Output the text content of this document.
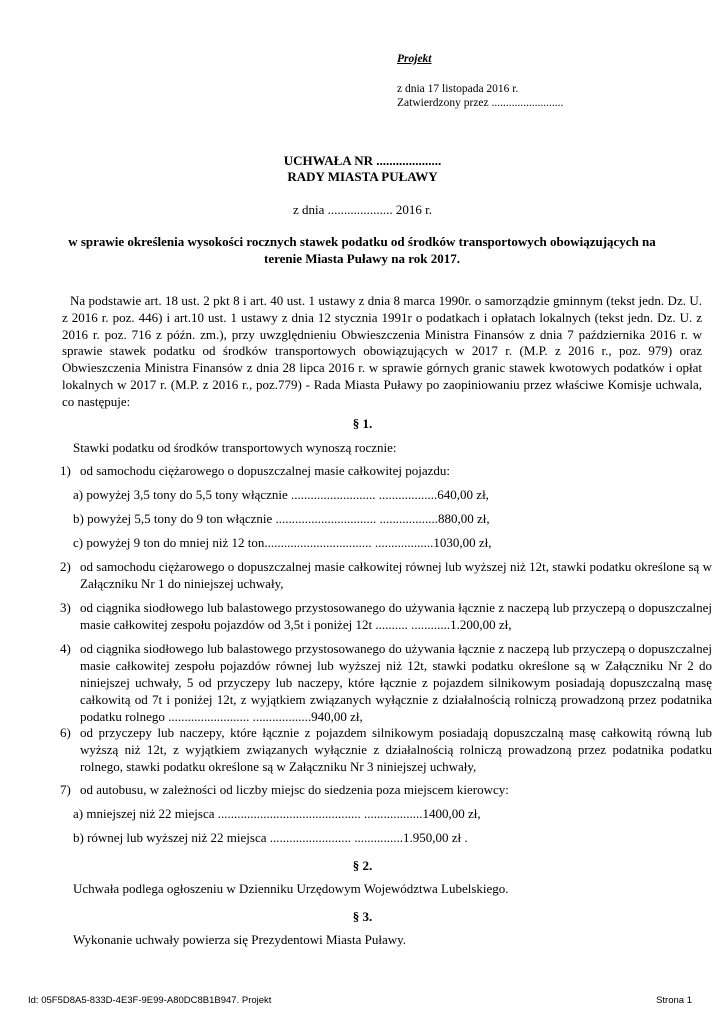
Projekt
z dnia 17 listopada 2016 r.
Zatwierdzony przez .........................
UCHWAŁA NR ....................
RADY MIASTA PUŁAWY
z dnia .................... 2016 r.
w sprawie określenia wysokości rocznych stawek podatku od środków transportowych obowiązujących na terenie Miasta Puławy na rok 2017.
Na podstawie art. 18 ust. 2 pkt 8 i art. 40 ust. 1 ustawy z dnia 8 marca 1990r. o samorządzie gminnym (tekst jedn. Dz. U. z 2016 r. poz. 446) i art.10 ust. 1 ustawy z dnia 12 stycznia 1991r o podatkach i opłatach lokalnych (tekst jedn. Dz. U. z 2016 r. poz. 716 z późn. zm.), przy uwzględnieniu Obwieszczenia Ministra Finansów z dnia 7 października 2016 r. w sprawie stawek podatku od środków transportowych obowiązujących w 2017 r. (M.P. z 2016 r., poz. 979) oraz Obwieszczenia Ministra Finansów z dnia 28 lipca 2016 r. w sprawie górnych granic stawek kwotowych podatków i opłat lokalnych w 2017 r. (M.P. z 2016 r., poz.779) - Rada Miasta Puławy po zaopiniowaniu przez właściwe Komisje uchwala, co następuje:
§ 1.
Stawki podatku od środków transportowych wynoszą rocznie:
1) od samochodu ciężarowego o dopuszczalnej masie całkowitej pojazdu:
a) powyżej 3,5 tony do 5,5 tony włącznie .......................... ..................640,00 zł,
b) powyżej 5,5 tony do 9 ton włącznie ............................... ..................880,00 zł,
c) powyżej 9 ton do mniej niż 12 ton................................. ..................1030,00 zł,
2) od samochodu ciężarowego o dopuszczalnej masie całkowitej równej lub wyższej niż 12t, stawki podatku określone są w Załączniku Nr 1 do niniejszej uchwały,
3) od ciągnika siodłowego lub balastowego przystosowanego do używania łącznie z naczepą lub przyczepą o dopuszczalnej masie całkowitej zespołu pojazdów od 3,5t i poniżej 12t .......... ............1.200,00 zł,
4) od ciągnika siodłowego lub balastowego przystosowanego do używania łącznie z naczepą lub przyczepą o dopuszczalnej masie całkowitej zespołu pojazdów równej lub wyższej niż 12t, stawki podatku określone są w Załączniku Nr 2 do niniejszej uchwały, 5 od przyczepy lub naczepy, które łącznie z pojazdem silnikowym posiadają dopuszczalną masę całkowitą od 7t i poniżej 12t, z wyjątkiem związanych wyłącznie z działalnością rolniczą prowadzoną przez podatnika podatku rolnego ......................... ..................940,00 zł,
6) od przyczepy lub naczepy, które łącznie z pojazdem silnikowym posiadają dopuszczalną masę całkowitą równą lub wyższą niż 12t, z wyjątkiem związanych wyłącznie z działalnością rolniczą prowadzoną przez podatnika podatku rolnego, stawki podatku określone są w Załączniku Nr 3 niniejszej uchwały,
7) od autobusu, w zależności od liczby miejsc do siedzenia poza miejscem kierowcy:
a) mniejszej niż 22 miejsca ............................................ ..................1400,00 zł,
b) równej lub wyższej niż 22 miejsca ......................... ...............1.950,00 zł .
§ 2.
Uchwała podlega ogłoszeniu w Dzienniku Urzędowym Województwa Lubelskiego.
§ 3.
Wykonanie uchwały powierza się Prezydentowi Miasta Puławy.
Id: 05F5D8A5-833D-4E3F-9E99-A80DC8B1B947. Projekt	Strona 1
